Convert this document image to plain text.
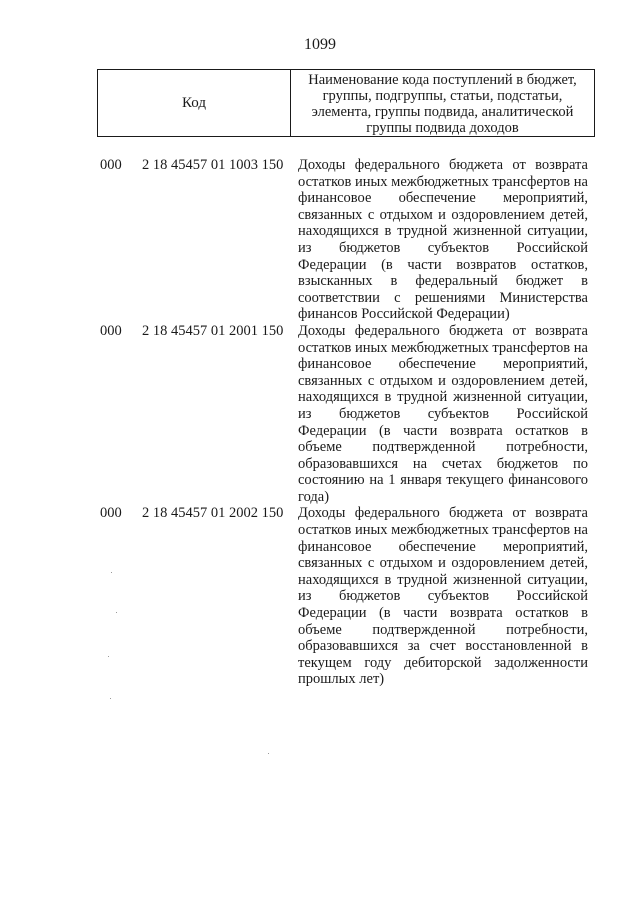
1099
Код
Наименование кода поступлений в бюджет,
группы, подгруппы, статьи, подстатьи,
элемента, группы подвида, аналитической
группы подвида доходов
000 2 18 45457 01 1003 150	Доходы федерального бюджета от возврата
остатков иных межбюджетных трансфертов на
финансовое обеспечение мероприятий,
связанных с отдыхом и оздоровлением детей,
находящихся в трудной жизненной ситуации,
из бюджетов субъектов Российской
Федерации (в части возвратов остатков,
взысканных в федеральный бюджет в
соответствии с решениями Министерства
финансов Российской Федерации)
000 2 18 45457 01 2001 150	Доходы федерального бюджета от возврата
остатков иных межбюджетных трансфертов на
финансовое обеспечение мероприятий,
связанных с отдыхом и оздоровлением детей,
находящихся в трудной жизненной ситуации,
из бюджетов субъектов Российской
Федерации (в части возврата остатков в
объеме подтвержденной потребности,
образовавшихся на счетах бюджетов по
состоянию на 1 января текущего финансового
года)
000 2 18 45457 01 2002 150	Доходы федерального бюджета от возврата
остатков иных межбюджетных трансфертов на
финансовое обеспечение мероприятий,
связанных с отдыхом и оздоровлением детей,
находящихся в трудной жизненной ситуации,
из бюджетов субъектов Российской
Федерации (в части возврата остатков в
объеме подтвержденной потребности,
образовавшихся за счет восстановленной в
текущем году дебиторской задолженности
прошлых лет)
